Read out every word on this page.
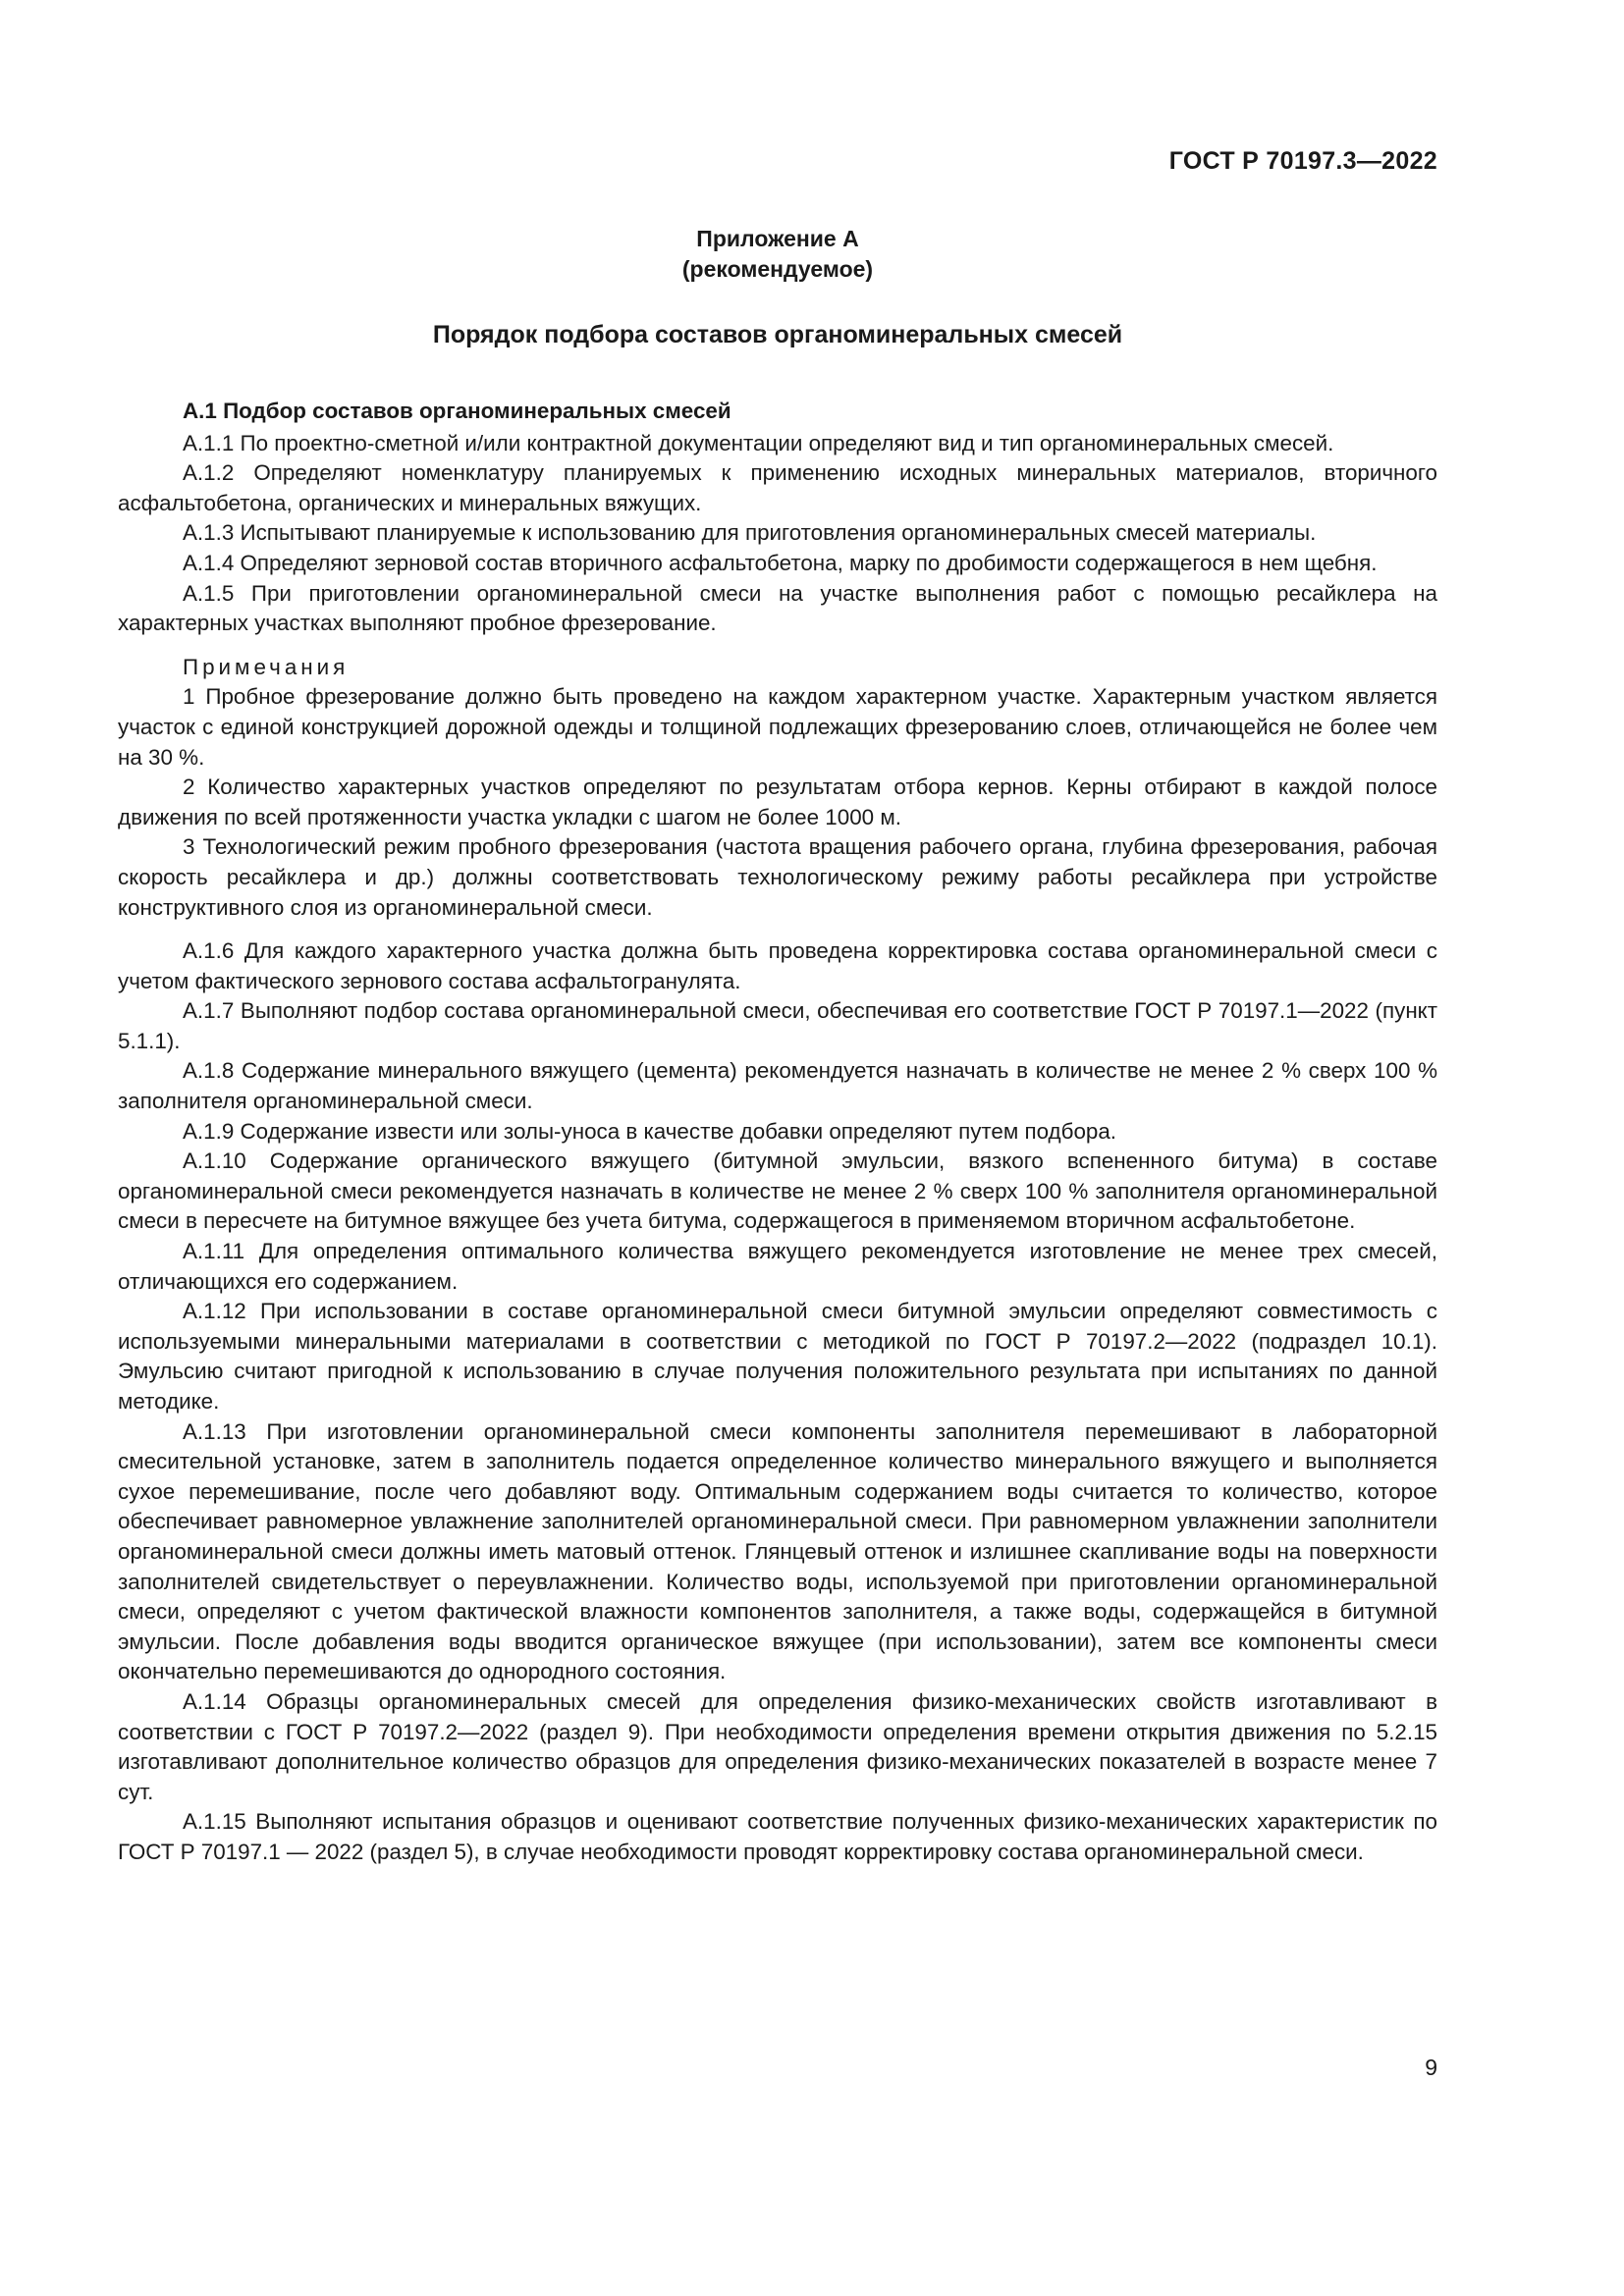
ГОСТ Р 70197.3—2022
Приложение А
(рекомендуемое)
Порядок подбора составов органоминеральных смесей

А.1 Подбор составов органоминеральных смесей

А.1.1 По проектно-сметной и/или контрактной документации определяют вид и тип органоминеральных смесей.

А.1.2 Определяют номенклатуру планируемых к применению исходных минеральных материалов, вторичного асфальтобетона, органических и минеральных вяжущих.

А.1.3 Испытывают планируемые к использованию для приготовления органоминеральных смесей материалы.

А.1.4 Определяют зерновой состав вторичного асфальтобетона, марку по дробимости содержащегося в нем щебня.

А.1.5 При приготовлении органоминеральной смеси на участке выполнения работ с помощью ресайклера на характерных участках выполняют пробное фрезерование.

Примечания

1 Пробное фрезерование должно быть проведено на каждом характерном участке. Характерным участком является участок с единой конструкцией дорожной одежды и толщиной подлежащих фрезерованию слоев, отличающейся не более чем на 30 %.

2 Количество характерных участков определяют по результатам отбора кернов. Керны отбирают в каждой полосе движения по всей протяженности участка укладки с шагом не более 1000 м.

3 Технологический режим пробного фрезерования (частота вращения рабочего органа, глубина фрезерования, рабочая скорость ресайклера и др.) должны соответствовать технологическому режиму работы ресайклера при устройстве конструктивного слоя из органоминеральной смеси.

А.1.6 Для каждого характерного участка должна быть проведена корректировка состава органоминеральной смеси с учетом фактического зернового состава асфальтогранулята.

А.1.7 Выполняют подбор состава органоминеральной смеси, обеспечивая его соответствие ГОСТ Р 70197.1—2022 (пункт 5.1.1).

А.1.8 Содержание минерального вяжущего (цемента) рекомендуется назначать в количестве не менее 2 % сверх 100 % заполнителя органоминеральной смеси.

А.1.9 Содержание извести или золы-уноса в качестве добавки определяют путем подбора.

А.1.10 Содержание органического вяжущего (битумной эмульсии, вязкого вспененного битума) в составе органоминеральной смеси рекомендуется назначать в количестве не менее 2 % сверх 100 % заполнителя органоминеральной смеси в пересчете на битумное вяжущее без учета битума, содержащегося в применяемом вторичном асфальтобетоне.

А.1.11 Для определения оптимального количества вяжущего рекомендуется изготовление не менее трех смесей, отличающихся его содержанием.

А.1.12 При использовании в составе органоминеральной смеси битумной эмульсии определяют совместимость с используемыми минеральными материалами в соответствии с методикой по ГОСТ Р 70197.2—2022 (подраздел 10.1). Эмульсию считают пригодной к использованию в случае получения положительного результата при испытаниях по данной методике.

А.1.13 При изготовлении органоминеральной смеси компоненты заполнителя перемешивают в лабораторной смесительной установке, затем в заполнитель подается определенное количество минерального вяжущего и выполняется сухое перемешивание, после чего добавляют воду. Оптимальным содержанием воды считается то количество, которое обеспечивает равномерное увлажнение заполнителей органоминеральной смеси. При равномерном увлажнении заполнители органоминеральной смеси должны иметь матовый оттенок. Глянцевый оттенок и излишнее скапливание воды на поверхности заполнителей свидетельствует о переувлажнении. Количество воды, используемой при приготовлении органоминеральной смеси, определяют с учетом фактической влажности компонентов заполнителя, а также воды, содержащейся в битумной эмульсии. После добавления воды вводится органическое вяжущее (при использовании), затем все компоненты смеси окончательно перемешиваются до однородного состояния.

А.1.14 Образцы органоминеральных смесей для определения физико-механических свойств изготавливают в соответствии с ГОСТ Р 70197.2—2022 (раздел 9). При необходимости определения времени открытия движения по 5.2.15 изготавливают дополнительное количество образцов для определения физико-механических показателей в возрасте менее 7 сут.

А.1.15 Выполняют испытания образцов и оценивают соответствие полученных физико-механических характеристик по ГОСТ Р 70197.1 — 2022 (раздел 5), в случае необходимости проводят корректировку состава органоминеральной смеси.

9
